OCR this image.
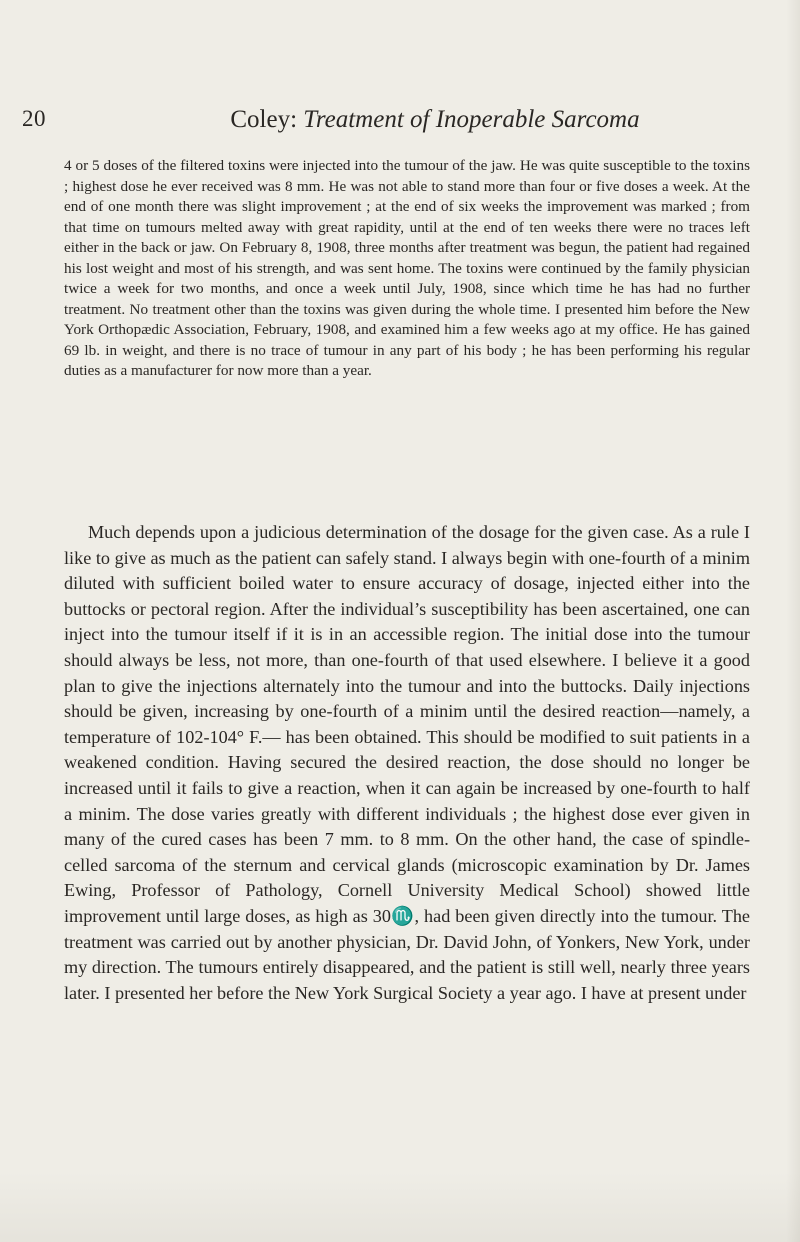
20	Coley: Treatment of Inoperable Sarcoma

4 or 5 doses of the filtered toxins were injected into the tumour of the jaw. He was quite susceptible to the toxins ; highest dose he ever received was 8 mm. He was not able to stand more than four or five doses a week. At the end of one month there was slight improvement ; at the end of six weeks the improvement was marked ; from that time on tumours melted away with great rapidity, until at the end of ten weeks there were no traces left either in the back or jaw. On February 8, 1908, three months after treatment was begun, the patient had regained his lost weight and most of his strength, and was sent home. The toxins were continued by the family physician twice a week for two months, and once a week until July, 1908, since which time he has had no further treatment. No treatment other than the toxins was given during the whole time. I presented him before the New York Orthopædic Association, February, 1908, and examined him a few weeks ago at my office. He has gained 69 lb. in weight, and there is no trace of tumour in any part of his body ; he has been performing his regular duties as a manufacturer for now more than a year.

Much depends upon a judicious determination of the dosage for the given case. As a rule I like to give as much as the patient can safely stand. I always begin with one-fourth of a minim diluted with sufficient boiled water to ensure accuracy of dosage, injected either into the buttocks or pectoral region. After the individual’s susceptibility has been ascertained, one can inject into the tumour itself if it is in an accessible region. The initial dose into the tumour should always be less, not more, than one-fourth of that used elsewhere. I believe it a good plan to give the injections alternately into the tumour and into the buttocks. Daily injections should be given, increasing by one-fourth of a minim until the desired reaction—namely, a temperature of 102-104° F.— has been obtained. This should be modified to suit patients in a weakened condition. Having secured the desired reaction, the dose should no longer be increased until it fails to give a reaction, when it can again be increased by one-fourth to half a minim. The dose varies greatly with different individuals ; the highest dose ever given in many of the cured cases has been 7 mm. to 8 mm. On the other hand, the case of spindle-celled sarcoma of the sternum and cervical glands (microscopic examination by Dr. James Ewing, Professor of Pathology, Cornell University Medical School) showed little improvement until large doses, as high as 30♏, had been given directly into the tumour. The treatment was carried out by another physician, Dr. David John, of Yonkers, New York, under my direction. The tumours entirely disappeared, and the patient is still well, nearly three years later. I presented her before the New York Surgical Society a year ago. I have at present under
